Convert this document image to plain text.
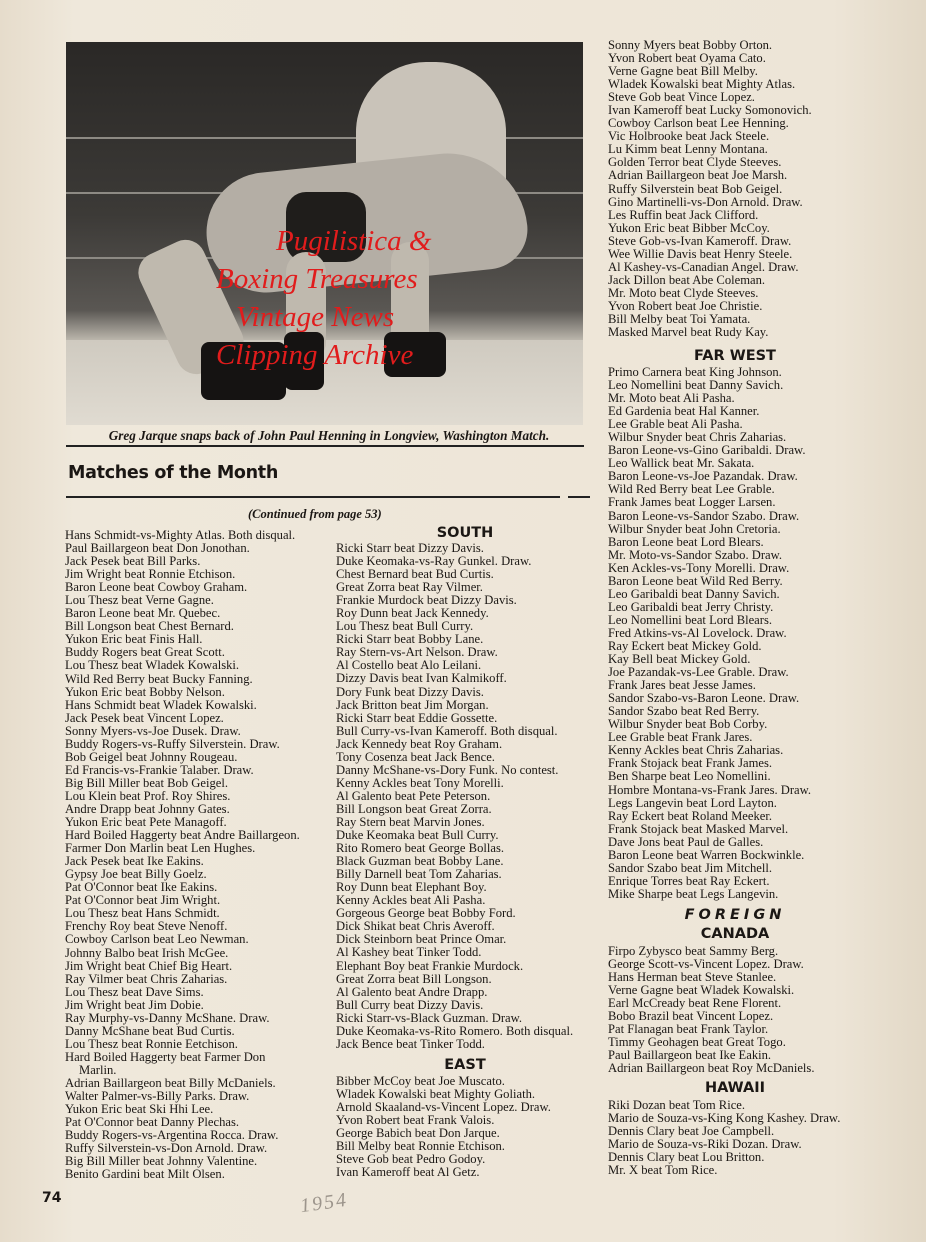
Pugilistica &
Boxing Treasures
Vintage News
Clipping Archive
Greg Jarque snaps back of John Paul Henning in Longview, Washington Match.
Matches of the Month
(Continued from page 53)
Hans Schmidt-vs-Mighty Atlas. Both disqual.
Paul Baillargeon beat Don Jonothan.
Jack Pesek beat Bill Parks.
Jim Wright beat Ronnie Etchison.
Baron Leone beat Cowboy Graham.
Lou Thesz beat Verne Gagne.
Baron Leone beat Mr. Quebec.
Bill Longson beat Chest Bernard.
Yukon Eric beat Finis Hall.
Buddy Rogers beat Great Scott.
Lou Thesz beat Wladek Kowalski.
Wild Red Berry beat Bucky Fanning.
Yukon Eric beat Bobby Nelson.
Hans Schmidt beat Wladek Kowalski.
Jack Pesek beat Vincent Lopez.
Sonny Myers-vs-Joe Dusek. Draw.
Buddy Rogers-vs-Ruffy Silverstein. Draw.
Bob Geigel beat Johnny Rougeau.
Ed Francis-vs-Frankie Talaber. Draw.
Big Bill Miller beat Bob Geigel.
Lou Klein beat Prof. Roy Shires.
Andre Drapp beat Johnny Gates.
Yukon Eric beat Pete Managoff.
Hard Boiled Haggerty beat Andre Baillargeon.
Farmer Don Marlin beat Len Hughes.
Jack Pesek beat Ike Eakins.
Gypsy Joe beat Billy Goelz.
Pat O'Connor beat Ike Eakins.
Pat O'Connor beat Jim Wright.
Lou Thesz beat Hans Schmidt.
Frenchy Roy beat Steve Nenoff.
Cowboy Carlson beat Leo Newman.
Johnny Balbo beat Irish McGee.
Jim Wright beat Chief Big Heart.
Ray Vilmer beat Chris Zaharias.
Lou Thesz beat Dave Sims.
Jim Wright beat Jim Dobie.
Ray Murphy-vs-Danny McShane. Draw.
Danny McShane beat Bud Curtis.
Lou Thesz beat Ronnie Eetchison.
Hard Boiled Haggerty beat Farmer Don
Marlin.
Adrian Baillargeon beat Billy McDaniels.
Walter Palmer-vs-Billy Parks. Draw.
Yukon Eric beat Ski Hhi Lee.
Pat O'Connor beat Danny Plechas.
Buddy Rogers-vs-Argentina Rocca. Draw.
Ruffy Silverstein-vs-Don Arnold. Draw.
Big Bill Miller beat Johnny Valentine.
Benito Gardini beat Milt Olsen.
SOUTH
Ricki Starr beat Dizzy Davis.
Duke Keomaka-vs-Ray Gunkel. Draw.
Chest Bernard beat Bud Curtis.
Great Zorra beat Ray Vilmer.
Frankie Murdock beat Dizzy Davis.
Roy Dunn beat Jack Kennedy.
Lou Thesz beat Bull Curry.
Ricki Starr beat Bobby Lane.
Ray Stern-vs-Art Nelson. Draw.
Al Costello beat Alo Leilani.
Dizzy Davis beat Ivan Kalmikoff.
Dory Funk beat Dizzy Davis.
Jack Britton beat Jim Morgan.
Ricki Starr beat Eddie Gossette.
Bull Curry-vs-Ivan Kameroff. Both disqual.
Jack Kennedy beat Roy Graham.
Tony Cosenza beat Jack Bence.
Danny McShane-vs-Dory Funk. No contest.
Kenny Ackles beat Tony Morelli.
Al Galento beat Pete Peterson.
Bill Longson beat Great Zorra.
Ray Stern beat Marvin Jones.
Duke Keomaka beat Bull Curry.
Rito Romero beat George Bollas.
Black Guzman beat Bobby Lane.
Billy Darnell beat Tom Zaharias.
Roy Dunn beat Elephant Boy.
Kenny Ackles beat Ali Pasha.
Gorgeous George beat Bobby Ford.
Dick Shikat beat Chris Averoff.
Dick Steinborn beat Prince Omar.
Al Kashey beat Tinker Todd.
Elephant Boy beat Frankie Murdock.
Great Zorra beat Bill Longson.
Al Galento beat Andre Drapp.
Bull Curry beat Dizzy Davis.
Ricki Starr-vs-Black Guzman. Draw.
Duke Keomaka-vs-Rito Romero. Both disqual.
Jack Bence beat Tinker Todd.
EAST
Bibber McCoy beat Joe Muscato.
Wladek Kowalski beat Mighty Goliath.
Arnold Skaaland-vs-Vincent Lopez. Draw.
Yvon Robert beat Frank Valois.
George Babich beat Don Jarque.
Bill Melby beat Ronnie Etchison.
Steve Gob beat Pedro Godoy.
Ivan Kameroff beat Al Getz.
Sonny Myers beat Bobby Orton.
Yvon Robert beat Oyama Cato.
Verne Gagne beat Bill Melby.
Wladek Kowalski beat Mighty Atlas.
Steve Gob beat Vince Lopez.
Ivan Kameroff beat Lucky Somonovich.
Cowboy Carlson beat Lee Henning.
Vic Holbrooke beat Jack Steele.
Lu Kimm beat Lenny Montana.
Golden Terror beat Clyde Steeves.
Adrian Baillargeon beat Joe Marsh.
Ruffy Silverstein beat Bob Geigel.
Gino Martinelli-vs-Don Arnold. Draw.
Les Ruffin beat Jack Clifford.
Yukon Eric beat Bibber McCoy.
Steve Gob-vs-Ivan Kameroff. Draw.
Wee Willie Davis beat Henry Steele.
Al Kashey-vs-Canadian Angel. Draw.
Jack Dillon beat Abe Coleman.
Mr. Moto beat Clyde Steeves.
Yvon Robert beat Joe Christie.
Bill Melby beat Toi Yamata.
Masked Marvel beat Rudy Kay.
FAR WEST
Primo Carnera beat King Johnson.
Leo Nomellini beat Danny Savich.
Mr. Moto beat Ali Pasha.
Ed Gardenia beat Hal Kanner.
Lee Grable beat Ali Pasha.
Wilbur Snyder beat Chris Zaharias.
Baron Leone-vs-Gino Garibaldi. Draw.
Leo Wallick beat Mr. Sakata.
Baron Leone-vs-Joe Pazandak. Draw.
Wild Red Berry beat Lee Grable.
Frank James beat Logger Larsen.
Baron Leone-vs-Sandor Szabo. Draw.
Wilbur Snyder beat John Cretoria.
Baron Leone beat Lord Blears.
Mr. Moto-vs-Sandor Szabo. Draw.
Ken Ackles-vs-Tony Morelli. Draw.
Baron Leone beat Wild Red Berry.
Leo Garibaldi beat Danny Savich.
Leo Garibaldi beat Jerry Christy.
Leo Nomellini beat Lord Blears.
Fred Atkins-vs-Al Lovelock. Draw.
Ray Eckert beat Mickey Gold.
Kay Bell beat Mickey Gold.
Joe Pazandak-vs-Lee Grable. Draw.
Frank Jares beat Jesse James.
Sandor Szabo-vs-Baron Leone. Draw.
Sandor Szabo beat Red Berry.
Wilbur Snyder beat Bob Corby.
Lee Grable beat Frank Jares.
Kenny Ackles beat Chris Zaharias.
Frank Stojack beat Frank James.
Ben Sharpe beat Leo Nomellini.
Hombre Montana-vs-Frank Jares. Draw.
Legs Langevin beat Lord Layton.
Ray Eckert beat Roland Meeker.
Frank Stojack beat Masked Marvel.
Dave Jons beat Paul de Galles.
Baron Leone beat Warren Bockwinkle.
Sandor Szabo beat Jim Mitchell.
Enrique Torres beat Ray Eckert.
Mike Sharpe beat Legs Langevin.
FOREIGN
CANADA
Firpo Zybysco beat Sammy Berg.
George Scott-vs-Vincent Lopez. Draw.
Hans Herman beat Steve Stanlee.
Verne Gagne beat Wladek Kowalski.
Earl McCready beat Rene Florent.
Bobo Brazil beat Vincent Lopez.
Pat Flanagan beat Frank Taylor.
Timmy Geohagen beat Great Togo.
Paul Baillargeon beat Ike Eakin.
Adrian Baillargeon beat Roy McDaniels.
HAWAII
Riki Dozan beat Tom Rice.
Mario de Souza-vs-King Kong Kashey. Draw.
Dennis Clary beat Joe Campbell.
Mario de Souza-vs-Riki Dozan. Draw.
Dennis Clary beat Lou Britton.
Mr. X beat Tom Rice.
74	1954
